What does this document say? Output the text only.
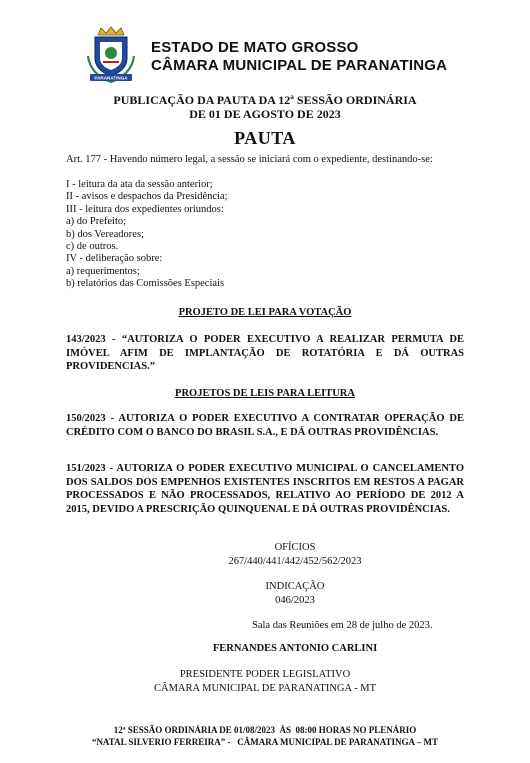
PARANATINGA
ESTADO DE MATO GROSSO
CÂMARA MUNICIPAL DE PARANATINGA
PUBLICAÇÃO DA PAUTA DA 12ª SESSÃO ORDINÁRIA
DE 01 DE AGOSTO DE 2023
PAUTA
Art. 177 - Havendo número legal, a sessão se iniciará com o expediente, destinando-se:
I - leitura da ata da sessão anterior;
II - avisos e despachos da Presidência;
III - leitura dos expedientes oriundos:
a) do Prefeito;
b) dos Vereadores;
c) de outros.
IV - deliberação sobre:
a) requerimentos;
b) relatórios das Comissões Especiais
PROJETO DE LEI PARA VOTAÇÃO
143/2023 - “AUTORIZA O PODER EXECUTIVO A REALIZAR PERMUTA DE IMÓVEL AFIM DE IMPLANTAÇÃO DE ROTATÓRIA E DÁ OUTRAS PROVIDENCIAS.”
PROJETOS DE LEIS PARA LEITURA
150/2023 - AUTORIZA O PODER EXECUTIVO A CONTRATAR OPERAÇÃO DE CRÉDITO COM O BANCO DO BRASIL S.A., E DÁ OUTRAS PROVIDÊNCIAS.
151/2023 - AUTORIZA O PODER EXECUTIVO MUNICIPAL O CANCELAMENTO DOS SALDOS DOS EMPENHOS EXISTENTES INSCRITOS EM RESTOS A PAGAR PROCESSADOS E NÃO PROCESSADOS, RELATIVO AO PERÍODO DE 2012 A 2015, DEVIDO A PRESCRIÇÃO QUINQUENAL E DÁ OUTRAS PROVIDÊNCIAS.
OFÍCIOS
267/440/441/442/452/562/2023
INDICAÇÃO
046/2023
Sala das Reuniões em 28 de julho de 2023.
FERNANDES ANTONIO CARLINI
PRESIDENTE PODER LEGISLATIVO
CÂMARA MUNICIPAL DE PARANATINGA - MT
12ª SESSÃO ORDINÁRIA DE 01/08/2023  ÀS  08:00 HORAS NO PLENÁRIO
“NATAL SILVERIO FERREIRA” -   CÂMARA MUNICIPAL DE PARANATINGA – MT
